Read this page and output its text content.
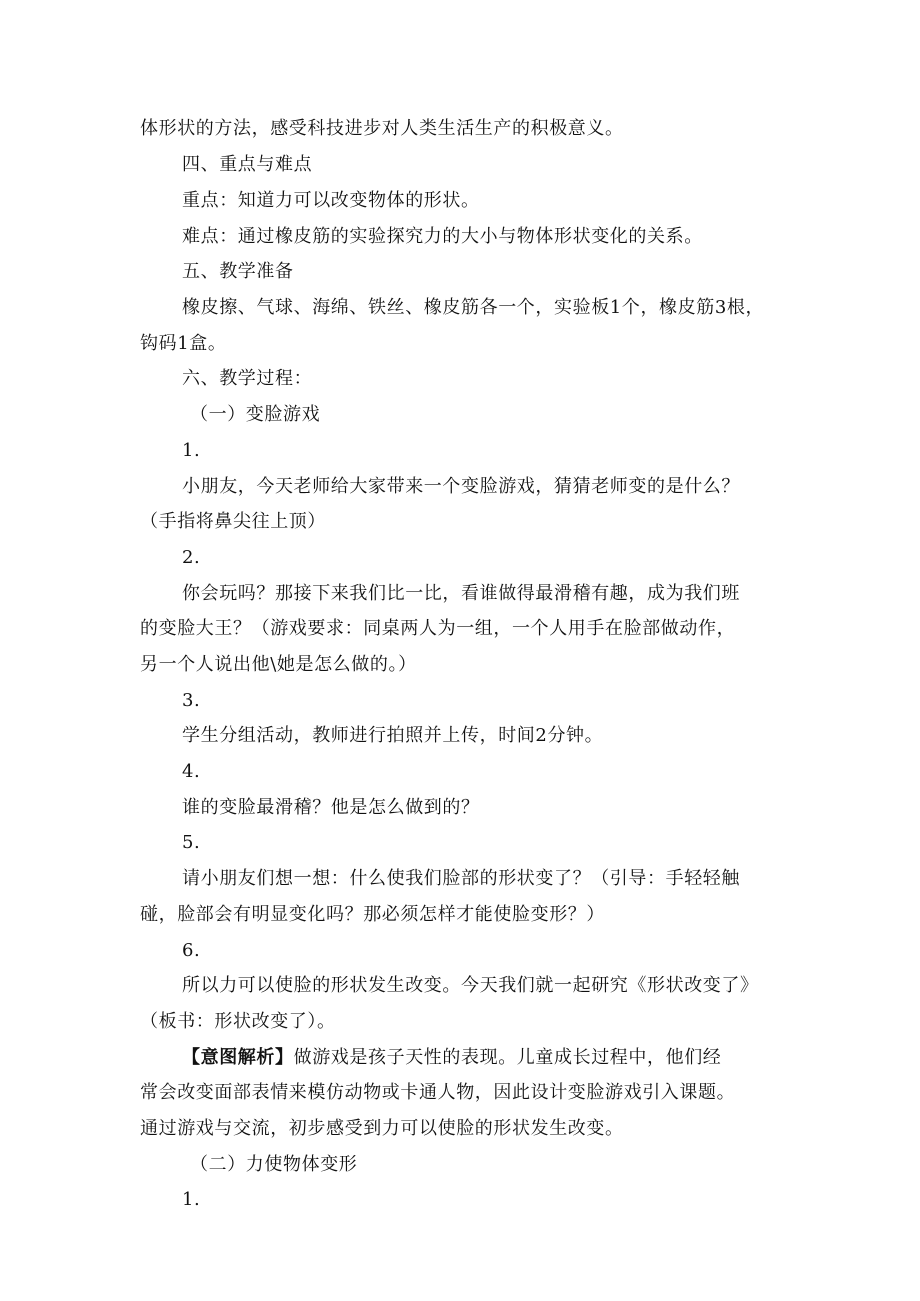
体形状的方法，感受科技进步对人类生活生产的积极意义。
四、重点与难点
重点：知道力可以改变物体的形状。
难点：通过橡皮筋的实验探究力的大小与物体形状变化的关系。
五、教学准备
橡皮擦、气球、海绵、铁丝、橡皮筋各一个，实验板1个，橡皮筋3根，
钩码1盒。
六、教学过程：
（一）变脸游戏
1.
小朋友，今天老师给大家带来一个变脸游戏，猜猜老师变的是什么？
（手指将鼻尖往上顶）
2.
你会玩吗？那接下来我们比一比，看谁做得最滑稽有趣，成为我们班
的变脸大王？（游戏要求：同桌两人为一组，一个人用手在脸部做动作，
另一个人说出他\她是怎么做的。）
3.
学生分组活动，教师进行拍照并上传，时间2分钟。
4.
谁的变脸最滑稽？他是怎么做到的？
5.
请小朋友们想一想：什么使我们脸部的形状变了？（引导：手轻轻触
碰，脸部会有明显变化吗？那必须怎样才能使脸变形？）
6.
所以力可以使脸的形状发生改变。今天我们就一起研究《形状改变了》
（板书：形状改变了）。
【意图解析】做游戏是孩子天性的表现。儿童成长过程中，他们经
常会改变面部表情来模仿动物或卡通人物，因此设计变脸游戏引入课题。
通过游戏与交流，初步感受到力可以使脸的形状发生改变。
（二）力使物体变形
1.
